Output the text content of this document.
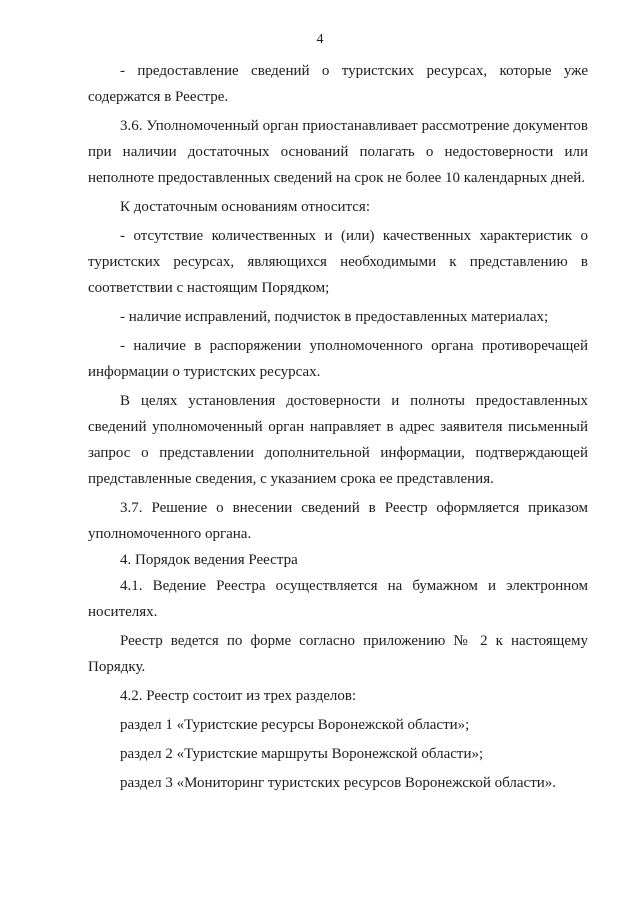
4

- предоставление сведений о туристских ресурсах, которые уже содержатся в Реестре.

3.6. Уполномоченный орган приостанавливает рассмотрение документов при наличии достаточных оснований полагать о недостоверности или неполноте предоставленных сведений на срок не более 10 календарных дней.

К достаточным основаниям относится:

- отсутствие количественных и (или) качественных характеристик о туристских ресурсах, являющихся необходимыми к представлению в соответствии с настоящим Порядком;

- наличие исправлений, подчисток в предоставленных материалах;

- наличие в распоряжении уполномоченного органа противоречащей информации о туристских ресурсах.

В целях установления достоверности и полноты предоставленных сведений уполномоченный орган направляет в адрес заявителя письменный запрос о представлении дополнительной информации, подтверждающей представленные сведения, с указанием срока ее представления.

3.7. Решение о внесении сведений в Реестр оформляется приказом уполномоченного органа.

4. Порядок ведения Реестра

4.1. Ведение Реестра осуществляется на бумажном и электронном носителях.

Реестр ведется по форме согласно приложению № 2 к настоящему Порядку.

4.2. Реестр состоит из трех разделов:

раздел 1 «Туристские ресурсы Воронежской области»;

раздел 2 «Туристские маршруты Воронежской области»;

раздел 3 «Мониторинг туристских ресурсов Воронежской области».
